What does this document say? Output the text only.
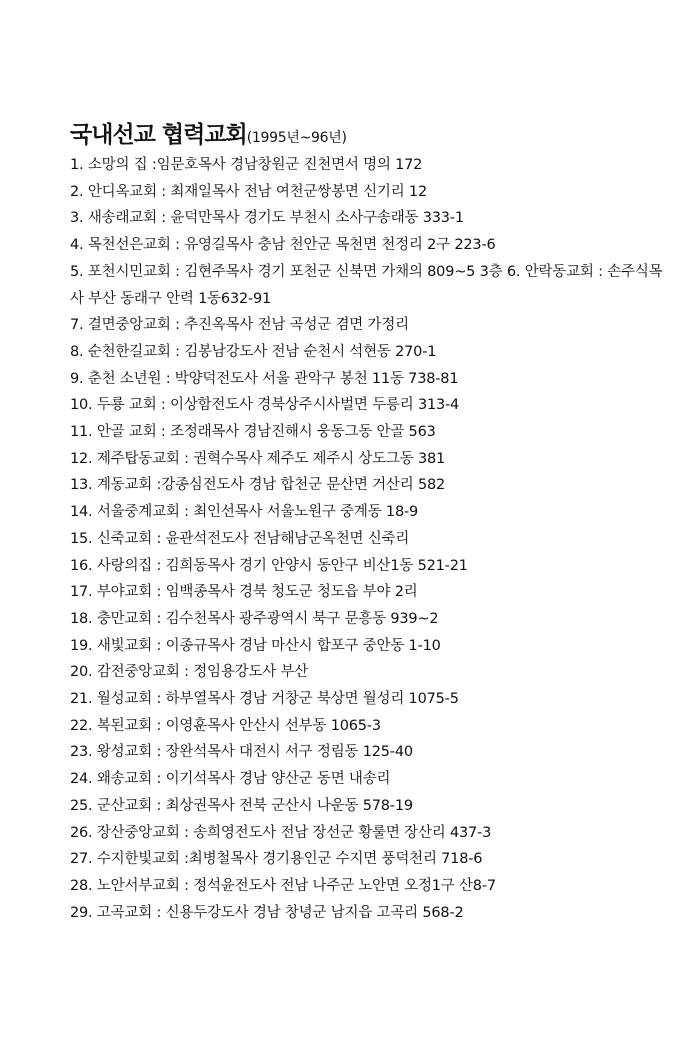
국내선교 협력교회(1995년~96년)
1. 소망의 집 :임문호목사 경남창원군 진천면서 명의 172
2. 안디옥교회 : 최재일목사 전남 여천군쌍봉면 신기리 12
3. 새송래교회 : 윤덕만목사 경기도 부천시 소사구송래동 333-1
4. 목천선은교회 : 유영길목사 충남 천안군 목천면 천정리 2구 223-6
5. 포천시민교회 : 김현주목사 경기 포천군 신북면 가채의 809~5 3층 6. 안락동교회 : 손주식목사 부산 동래구 안력 1동632-91
7. 결면중앙교회 : 추진옥목사 전남 곡성군 겸면 가정리
8. 순천한길교회 : 김봉남강도사 전남 순천시 석현동 270-1
9. 춘천 소년원 : 박양덕전도사 서울 관악구 봉천 11동 738-81
10. 두룡 교회 : 이상함전도사 경북상주시사벌면 두릉리 313-4
11. 안골 교회 : 조정래목사 경남진해시 웅동그동 안골 563
12. 제주탑동교회 : 권혁수목사 제주도 제주시 상도그동 381
13. 계동교회 :강종심전도사 경남 합천군 문산면 거산리 582
14. 서울중계교회 : 최인선목사 서울노원구 중계동 18-9
15. 신죽교회 : 윤관석전도사 전남해남군옥천면 신죽리
16. 사랑의집 : 김희동목사 경기 안양시 동안구 비산1동 521-21
17. 부야교회 : 임백종목사 경북 청도군 청도읍 부야 2리
18. 충만교회 : 김수천목사 광주광역시 북구 문흥동 939~2
19. 새빛교회 : 이종규목사 경남 마산시 합포구 중안동 1-10
20. 감전중앙교회 : 정임용강도사 부산
21. 월성교회 : 하부열목사 경남 거창군 북상면 월성리 1075-5
22. 복된교회 : 이영훈목사 안산시 선부동 1065-3
23. 왕성교회 : 장완석목사 대전시 서구 정림동 125-40
24. 왜송교회 : 이기석목사 경남 양산군 동면 내송리
25. 군산교회 : 최상권목사 전북 군산시 나운동 578-19
26. 장산중앙교회 : 송희영전도사 전남 장선군 황룰면 장산리 437-3
27. 수지한빛교회 :최병철목사 경기용인군 수지면 풍덕천리 718-6
28. 노안서부교회 : 정석윤전도사 전남 나주군 노안면 오정1구 산8-7
29. 고곡교회 : 신용두강도사 경남 창녕군 남지읍 고곡리 568-2
